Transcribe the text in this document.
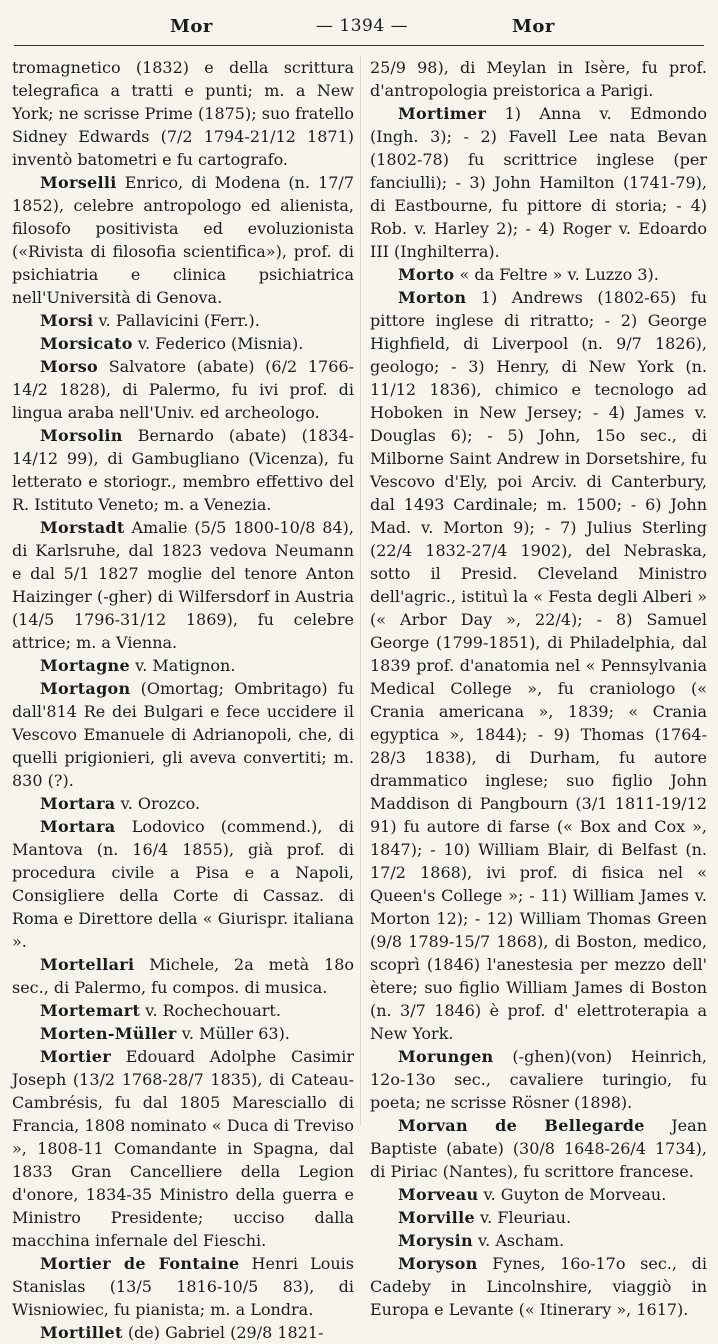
Mor	— 1394 —	Mor

tromagnetico (1832) e della scrittura telegrafica a tratti e punti; m. a New York; ne scrisse Prime (1875); suo fratello Sidney Edwards (7/2 1794-21/12 1871) inventò batometri e fu cartografo.

Morselli Enrico, di Modena (n. 17/7 1852), celebre antropologo ed alienista, filosofo positivista ed evoluzionista («Rivista di filosofia scientifica»), prof. di psichiatria e clinica psichiatrica nell'Università di Genova.

Morsi v. Pallavicini (Ferr.).

Morsicato v. Federico (Misnia).

Morso Salvatore (abate) (6/2 1766-14/2 1828), di Palermo, fu ivi prof. di lingua araba nell'Univ. ed archeologo.

Morsolin Bernardo (abate) (1834-14/12 99), di Gambugliano (Vicenza), fu letterato e storiogr., membro effettivo del R. Istituto Veneto; m. a Venezia.

Morstadt Amalie (5/5 1800-10/8 84), di Karlsruhe, dal 1823 vedova Neumann e dal 5/1 1827 moglie del tenore Anton Haizinger (-gher) di Wilfersdorf in Austria (14/5 1796-31/12 1869), fu celebre attrice; m. a Vienna.

Mortagne v. Matignon.

Mortagon (Omortag; Ombritago) fu dall'814 Re dei Bulgari e fece uccidere il Vescovo Emanuele di Adrianopoli, che, di quelli prigionieri, gli aveva convertiti; m. 830 (?).

Mortara v. Orozco.

Mortara Lodovico (commend.), di Mantova (n. 16/4 1855), già prof. di procedura civile a Pisa e a Napoli, Consigliere della Corte di Cassaz. di Roma e Direttore della « Giurispr. italiana ».

Mortellari Michele, 2a metà 18o sec., di Palermo, fu compos. di musica.

Mortemart v. Rochechouart.

Morten-Müller v. Müller 63).

Mortier Edouard Adolphe Casimir Joseph (13/2 1768-28/7 1835), di Cateau-Cambrésis, fu dal 1805 Maresciallo di Francia, 1808 nominato « Duca di Treviso », 1808-11 Comandante in Spagna, dal 1833 Gran Cancelliere della Legion d'onore, 1834-35 Ministro della guerra e Ministro Presidente; ucciso dalla macchina infernale del Fieschi.

Mortier de Fontaine Henri Louis Stanislas (13/5 1816-10/5 83), di Wisniowiec, fu pianista; m. a Londra.

Mortillet (de) Gabriel (29/8 1821-

25/9 98), di Meylan in Isère, fu prof. d'antropologia preistorica a Parigi.

Mortimer 1) Anna v. Edmondo (Ingh. 3); - 2) Favell Lee nata Bevan (1802-78) fu scrittrice inglese (per fanciulli); - 3) John Hamilton (1741-79), di Eastbourne, fu pittore di storia; - 4) Rob. v. Harley 2); - 4) Roger v. Edoardo III (Inghilterra).

Morto « da Feltre » v. Luzzo 3).

Morton 1) Andrews (1802-65) fu pittore inglese di ritratto; - 2) George Highfield, di Liverpool (n. 9/7 1826), geologo; - 3) Henry, di New York (n. 11/12 1836), chimico e tecnologo ad Hoboken in New Jersey; - 4) James v. Douglas 6); - 5) John, 15o sec., di Milborne Saint Andrew in Dorsetshire, fu Vescovo d'Ely, poi Arciv. di Canterbury, dal 1493 Cardinale; m. 1500; - 6) John Mad. v. Morton 9); - 7) Julius Sterling (22/4 1832-27/4 1902), del Nebraska, sotto il Presid. Cleveland Ministro dell'agric., istituì la « Festa degli Alberi » (« Arbor Day », 22/4); - 8) Samuel George (1799-1851), di Philadelphia, dal 1839 prof. d'anatomia nel « Pennsylvania Medical College », fu craniologo (« Crania americana », 1839; « Crania egyptica », 1844); - 9) Thomas (1764-28/3 1838), di Durham, fu autore drammatico inglese; suo figlio John Maddison di Pangbourn (3/1 1811-19/12 91) fu autore di farse (« Box and Cox », 1847); - 10) William Blair, di Belfast (n. 17/2 1868), ivi prof. di fisica nel « Queen's College »; - 11) William James v. Morton 12); - 12) William Thomas Green (9/8 1789-15/7 1868), di Boston, medico, scoprì (1846) l'anestesia per mezzo dell' ètere; suo figlio William James di Boston (n. 3/7 1846) è prof. d' elettroterapia a New York.

Morungen (-ghen)(von) Heinrich, 12o-13o sec., cavaliere turingio, fu poeta; ne scrisse Rösner (1898).

Morvan de Bellegarde Jean Baptiste (abate) (30/8 1648-26/4 1734), di Piriac (Nantes), fu scrittore francese.

Morveau v. Guyton de Morveau.

Morville v. Fleuriau.

Morysin v. Ascham.

Moryson Fynes, 16o-17o sec., di Cadeby in Lincolnshire, viaggiò in Europa e Levante (« Itinerary », 1617).
